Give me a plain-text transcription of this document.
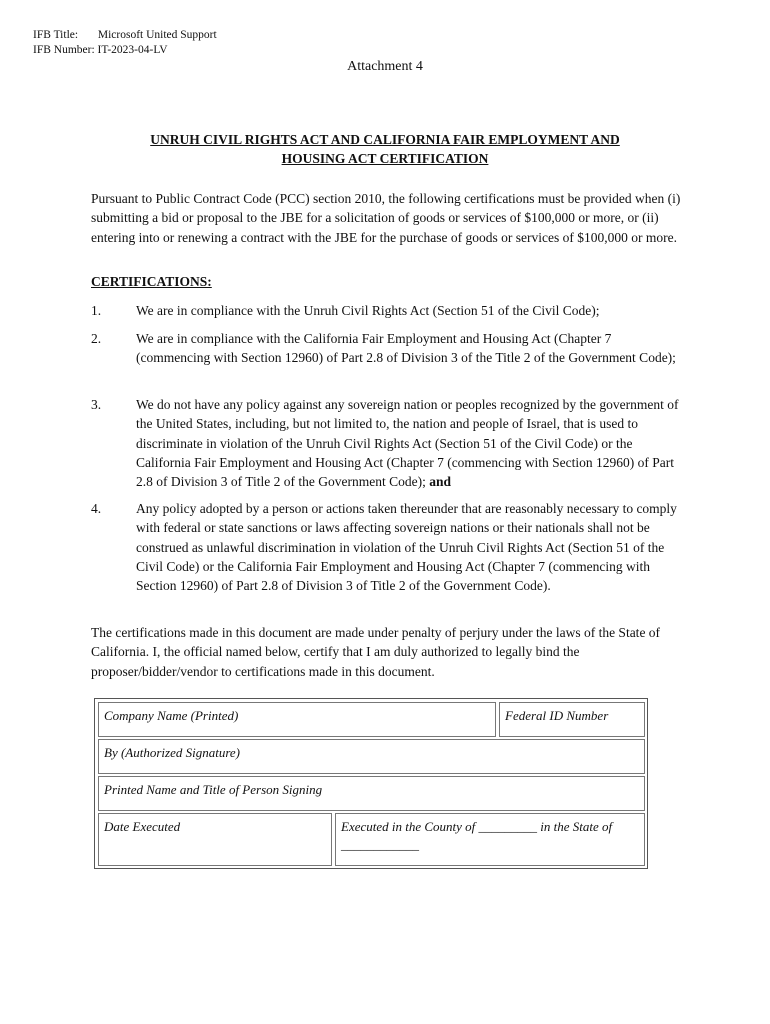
IFB Title: Microsoft United Support
IFB Number: IT-2023-04-LV
Attachment 4
UNRUH CIVIL RIGHTS ACT AND CALIFORNIA FAIR EMPLOYMENT AND
HOUSING ACT CERTIFICATION
Pursuant to Public Contract Code (PCC) section 2010, the following certifications must be provided when (i) submitting a bid or proposal to the JBE for a solicitation of goods or services of $100,000 or more, or (ii) entering into or renewing a contract with the JBE for the purchase of goods or services of $100,000 or more.
CERTIFICATIONS:
1.	We are in compliance with the Unruh Civil Rights Act (Section 51 of the Civil Code);
2.	We are in compliance with the California Fair Employment and Housing Act (Chapter 7 (commencing with Section 12960) of Part 2.8 of Division 3 of the Title 2 of the Government Code);
3.	We do not have any policy against any sovereign nation or peoples recognized by the government of the United States, including, but not limited to, the nation and people of Israel, that is used to discriminate in violation of the Unruh Civil Rights Act (Section 51 of the Civil Code) or the California Fair Employment and Housing Act (Chapter 7 (commencing with Section 12960) of Part 2.8 of Division 3 of Title 2 of the Government Code); and
4.	Any policy adopted by a person or actions taken thereunder that are reasonably necessary to comply with federal or state sanctions or laws affecting sovereign nations or their nationals shall not be construed as unlawful discrimination in violation of the Unruh Civil Rights Act (Section 51 of the Civil Code) or the California Fair Employment and Housing Act (Chapter 7 (commencing with Section 12960) of Part 2.8 of Division 3 of Title 2 of the Government Code).
The certifications made in this document are made under penalty of perjury under the laws of the State of California. I, the official named below, certify that I am duly authorized to legally bind the proposer/bidder/vendor to certifications made in this document.
Company Name (Printed)	Federal ID Number
By (Authorized Signature)
Printed Name and Title of Person Signing
Date Executed	Executed in the County of _________ in the State of ____________
